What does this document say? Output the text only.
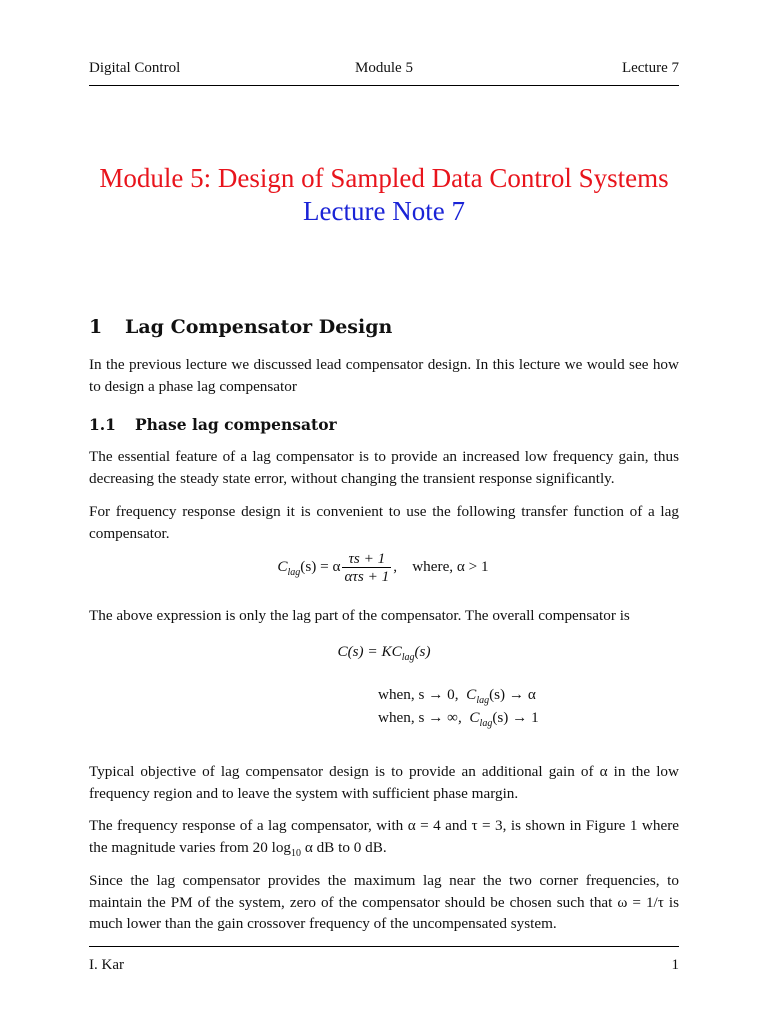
Digital Control	Module 5	Lecture 7
Module 5: Design of Sampled Data Control Systems
Lecture Note 7
1 Lag Compensator Design
In the previous lecture we discussed lead compensator design. In this lecture we would see how to design a phase lag compensator
1.1 Phase lag compensator
The essential feature of a lag compensator is to provide an increased low frequency gain, thus decreasing the steady state error, without changing the transient response significantly.
For frequency response design it is convenient to use the following transfer function of a lag compensator.
$C_{lag}(s) = \alpha \frac{\tau s + 1}{\text{ατs + 1}}$ , where, α > 1
The above expression is only the lag part of the compensator. The overall compensator is
$C(s) = KC_{lag}(s)$
when, s → 0, $C_{lag}(s) \to \alpha$
when, s → ∞, $C_{lag}(s) \to 1$
Typical objective of lag compensator design is to provide an additional gain of α in the low frequency region and to leave the system with sufficient phase margin.
The frequency response of a lag compensator, with α = 4 and τ = 3, is shown in Figure 1 where the magnitude varies from 20 $\log_{10} \alpha$ dB to 0 dB.
Since the lag compensator provides the maximum lag near the two corner frequencies, to maintain the PM of the system, zero of the compensator should be chosen such that ω = 1/τ is much lower than the gain crossover frequency of the uncompensated system.
I. Kar	1
